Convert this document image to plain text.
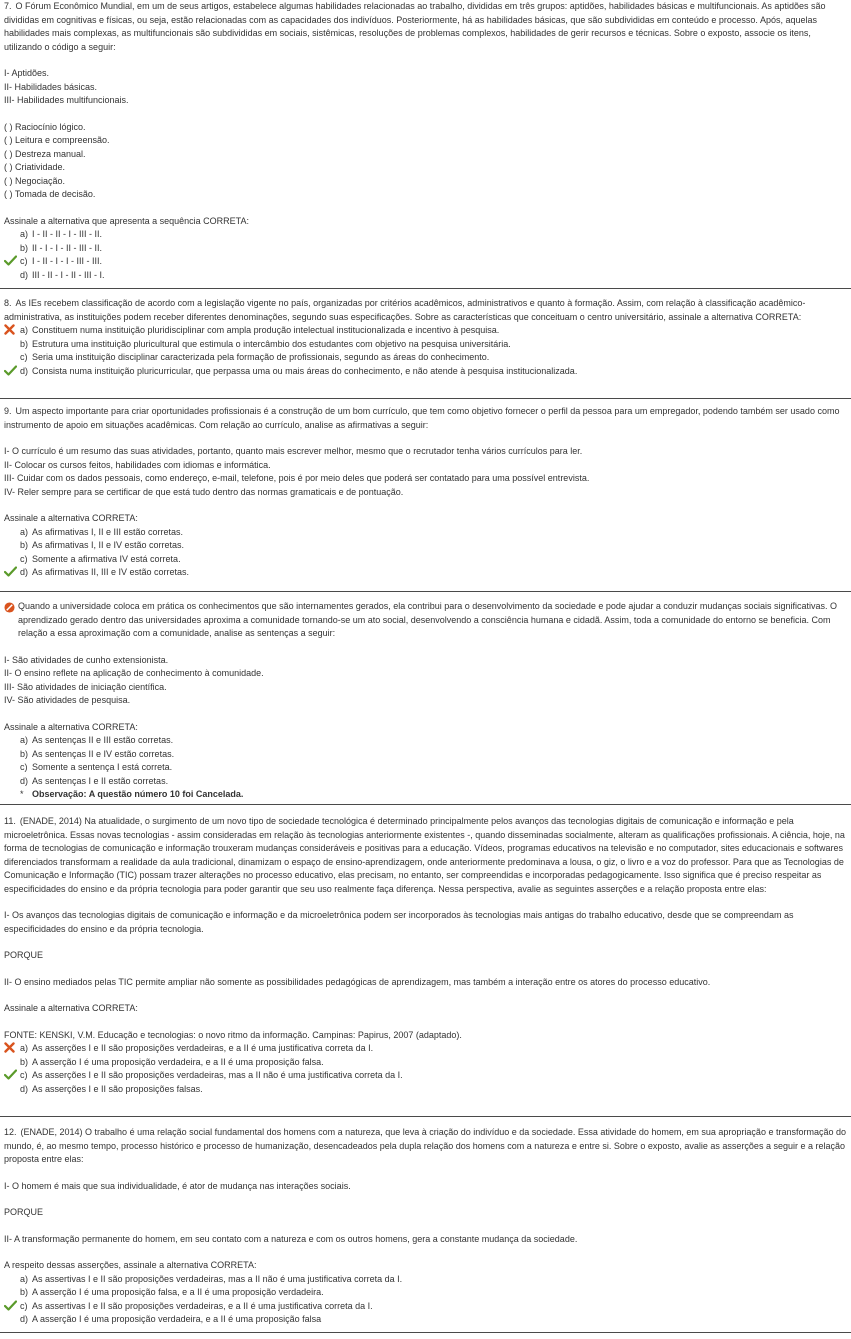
7. O Fórum Econômico Mundial, em um de seus artigos, estabelece algumas habilidades relacionadas ao trabalho, divididas em três grupos: aptidões, habilidades básicas e multifuncionais. As aptidões são divididas em cognitivas e físicas, ou seja, estão relacionadas com as capacidades dos indivíduos. Posteriormente, há as habilidades básicas, que são subdivididas em conteúdo e processo. Após, aquelas habilidades mais complexas, as multifuncionais são subdivididas em sociais, sistêmicas, resoluções de problemas complexos, habilidades de gerir recursos e técnicas. Sobre o exposto, associe os itens, utilizando o código a seguir:

I- Aptidões.

II- Habilidades básicas.

III- Habilidades multifuncionais.

( ) Raciocínio lógico.

( ) Leitura e compreensão.

( ) Destreza manual.

( ) Criatividade.

( ) Negociação.

( ) Tomada de decisão.

Assinale a alternativa que apresenta a sequência CORRETA:

a) I - II - II - I - III - II.
b) II - I - I - II - III - II.
c) I - II - I - I - III - III.
d) III - II - I - II - III - I.

8. As IEs recebem classificação de acordo com a legislação vigente no país, organizadas por critérios acadêmicos, administrativos e quanto à formação. Assim, com relação à classificação acadêmico-administrativa, as instituições podem receber diferentes denominações, segundo suas especificações. Sobre as características que conceituam o centro universitário, assinale a alternativa CORRETA:

a) Constituem numa instituição pluridisciplinar com ampla produção intelectual institucionalizada e incentivo à pesquisa.
b) Estrutura uma instituição pluricultural que estimula o intercâmbio dos estudantes com objetivo na pesquisa universitária.
c) Seria uma instituição disciplinar caracterizada pela formação de profissionais, segundo as áreas do conhecimento.
d) Consista numa instituição pluricurricular, que perpassa uma ou mais áreas do conhecimento, e não atende à pesquisa institucionalizada.

9. Um aspecto importante para criar oportunidades profissionais é a construção de um bom currículo, que tem como objetivo fornecer o perfil da pessoa para um empregador, podendo também ser usado como instrumento de apoio em situações acadêmicas. Com relação ao currículo, analise as afirmativas a seguir:

I- O currículo é um resumo das suas atividades, portanto, quanto mais escrever melhor, mesmo que o recrutador tenha vários currículos para ler.

II- Colocar os cursos feitos, habilidades com idiomas e informática.

III- Cuidar com os dados pessoais, como endereço, e-mail, telefone, pois é por meio deles que poderá ser contatado para uma possível entrevista.

IV- Reler sempre para se certificar de que está tudo dentro das normas gramaticais e de pontuação.

Assinale a alternativa CORRETA:

a) As afirmativas I, II e III estão corretas.
b) As afirmativas I, II e IV estão corretas.
c) Somente a afirmativa IV está correta.
d) As afirmativas II, III e IV estão corretas.

Quando a universidade coloca em prática os conhecimentos que são internamentes gerados, ela contribui para o desenvolvimento da sociedade e pode ajudar a conduzir mudanças sociais significativas. O aprendizado gerado dentro das universidades aproxima a comunidade tornando-se um ato social, desenvolvendo a consciência humana e cidadã. Assim, toda a comunidade do entorno se beneficia. Com relação a essa aproximação com a comunidade, analise as sentenças a seguir:

I- São atividades de cunho extensionista.

II- O ensino reflete na aplicação de conhecimento à comunidade.

III- São atividades de iniciação científica.

IV- São atividades de pesquisa.

Assinale a alternativa CORRETA:

a) As sentenças II e III estão corretas.
b) As sentenças II e IV estão corretas.
c) Somente a sentença I está correta.
d) As sentenças I e II estão corretas.
* Observação: A questão número 10 foi Cancelada.

11. (ENADE, 2014) Na atualidade, o surgimento de um novo tipo de sociedade tecnológica é determinado principalmente pelos avanços das tecnologias digitais de comunicação e informação e pela microeletrônica. Essas novas tecnologias - assim consideradas em relação às tecnologias anteriormente existentes -, quando disseminadas socialmente, alteram as qualificações profissionais. A ciência, hoje, na forma de tecnologias de comunicação e informação trouxeram mudanças consideráveis e positivas para a educação. Vídeos, programas educativos na televisão e no computador, sites educacionais e softwares diferenciados transformam a realidade da aula tradicional, dinamizam o espaço de ensino-aprendizagem, onde anteriormente predominava a lousa, o giz, o livro e a voz do professor. Para que as Tecnologias de Comunicação e Informação (TIC) possam trazer alterações no processo educativo, elas precisam, no entanto, ser compreendidas e incorporadas pedagogicamente. Isso significa que é preciso respeitar as especificidades do ensino e da própria tecnologia para poder garantir que seu uso realmente faça diferença. Nessa perspectiva, avalie as seguintes asserções e a relação proposta entre elas:

I- Os avanços das tecnologias digitais de comunicação e informação e da microeletrônica podem ser incorporados às tecnologias mais antigas do trabalho educativo, desde que se compreendam as especificidades do ensino e da própria tecnologia.

PORQUE

II- O ensino mediados pelas TIC permite ampliar não somente as possibilidades pedagógicas de aprendizagem, mas também a interação entre os atores do processo educativo.

Assinale a alternativa CORRETA:

FONTE: KENSKI, V.M. Educação e tecnologias: o novo ritmo da informação. Campinas: Papirus, 2007 (adaptado).

a) As asserções I e II são proposições verdadeiras, e a II é uma justificativa correta da I.
b) A asserção I é uma proposição verdadeira, e a II é uma proposição falsa.
c) As asserções I e II são proposições verdadeiras, mas a II não é uma justificativa correta da I.
d) As asserções I e II são proposições falsas.

12. (ENADE, 2014) O trabalho é uma relação social fundamental dos homens com a natureza, que leva à criação do indivíduo e da sociedade. Essa atividade do homem, em sua apropriação e transformação do mundo, é, ao mesmo tempo, processo histórico e processo de humanização, desencadeados pela dupla relação dos homens com a natureza e entre si. Sobre o exposto, avalie as asserções a seguir e a relação proposta entre elas:

I- O homem é mais que sua individualidade, é ator de mudança nas interações sociais.

PORQUE

II- A transformação permanente do homem, em seu contato com a natureza e com os outros homens, gera a constante mudança da sociedade.

A respeito dessas asserções, assinale a alternativa CORRETA:

a) As assertivas I e II são proposições verdadeiras, mas a II não é uma justificativa correta da I.
b) A asserção I é uma proposição falsa, e a II é uma proposição verdadeira.
c) As assertivas I e II são proposições verdadeiras, e a II é uma justificativa correta da I.
d) A asserção I é uma proposição verdadeira, e a II é uma proposição falsa
